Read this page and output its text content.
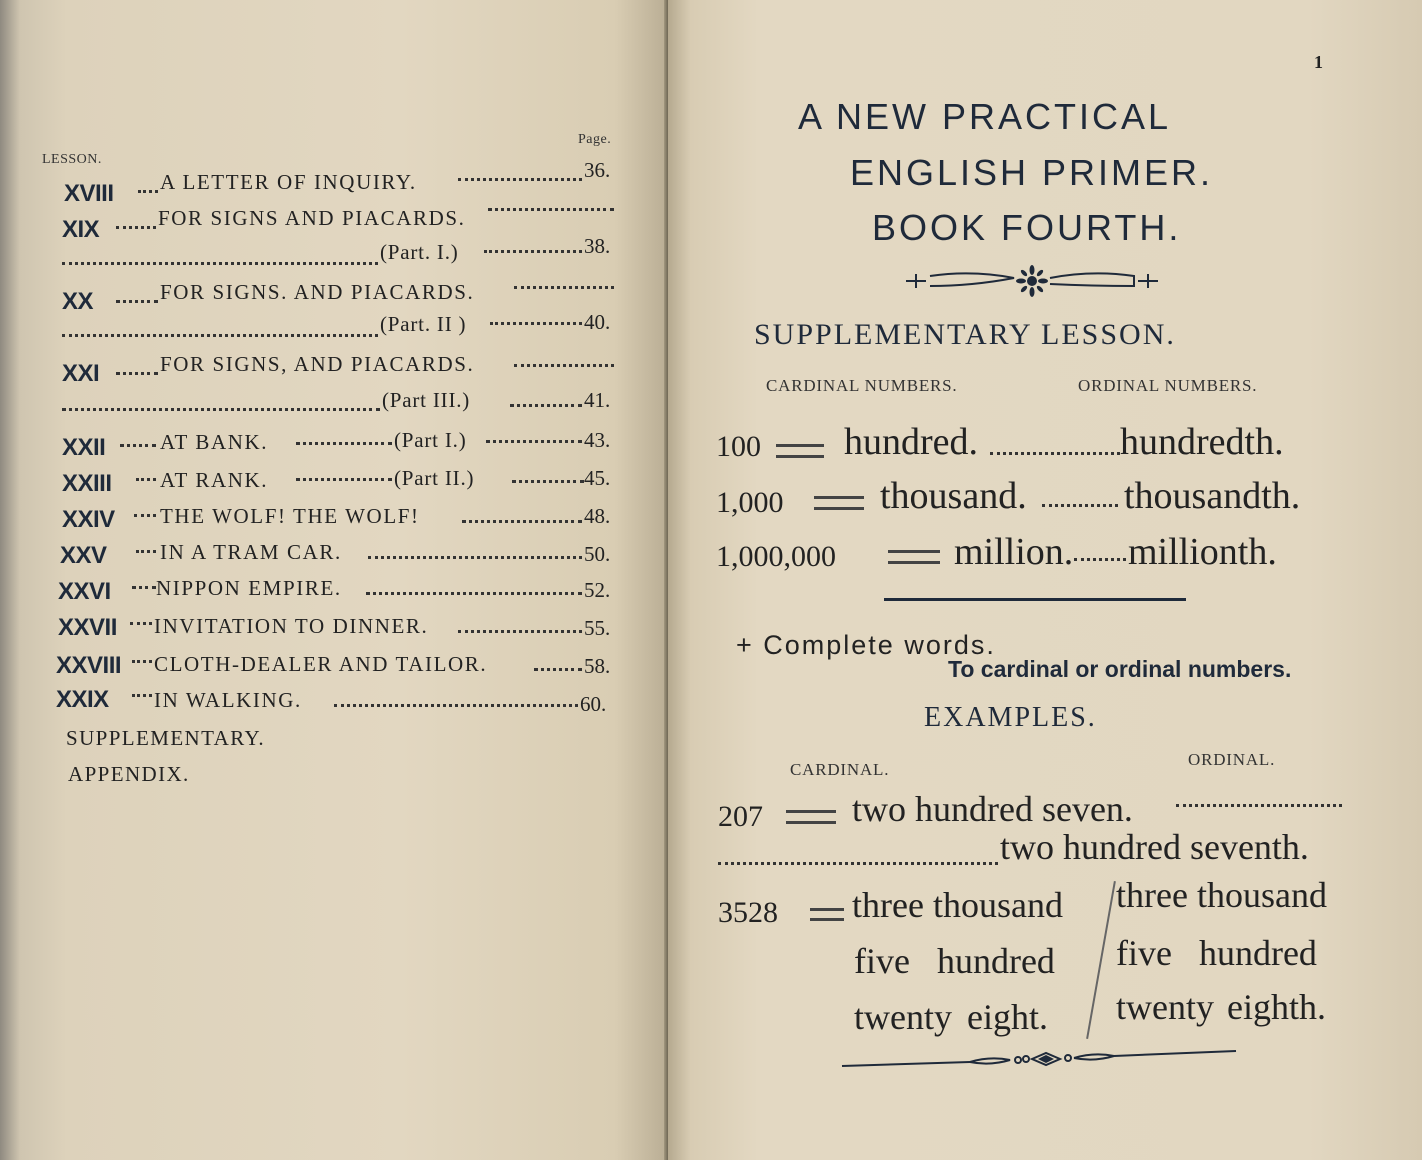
LESSON.
Page.
XVIII A LETTER OF INQUIRY.	36.
XIX	FOR SIGNS AND PIACARDS.
(Part. I.)	38.
XX	FOR SIGNS. AND PIACARDS.
(Part. II )	40.
XXI	FOR SIGNS, AND PIACARDS.
(Part III.)	41.
XXII	AT BANK.	(Part I.)	43.
XXIII AT RANK.	(Part II.)	45.
XXIV THE WOLF! THE WOLF!	48.
XXV	IN A TRAM CAR.	50.
XXVI NIPPON EMPIRE.	52.
XXVII INVITATION TO DINNER.	55.
XXVIII CLOTH-DEALER AND TAILOR.	58.
XXIX IN WALKING.	60.
SUPPLEMENTARY.
APPENDIX.
1
A NEW PRACTICAL
ENGLISH PRIMER.
BOOK FOURTH.
SUPPLEMENTARY LESSON.
CARDINAL NUMBERS.	ORDINAL NUMBERS.
100 hundred.	hundredth.
1,000	thousand.	thousandth.
1,000,000	million. millionth.
+ Complete words.
To cardinal or ordinal numbers.
EXAMPLES.
CARDINAL.
ORDINAL.
207 two hundred seven.
two hundred seventh.
3528 three thousand
five hundred
twenty eight.
three thousand
five hundred
twenty eighth.
